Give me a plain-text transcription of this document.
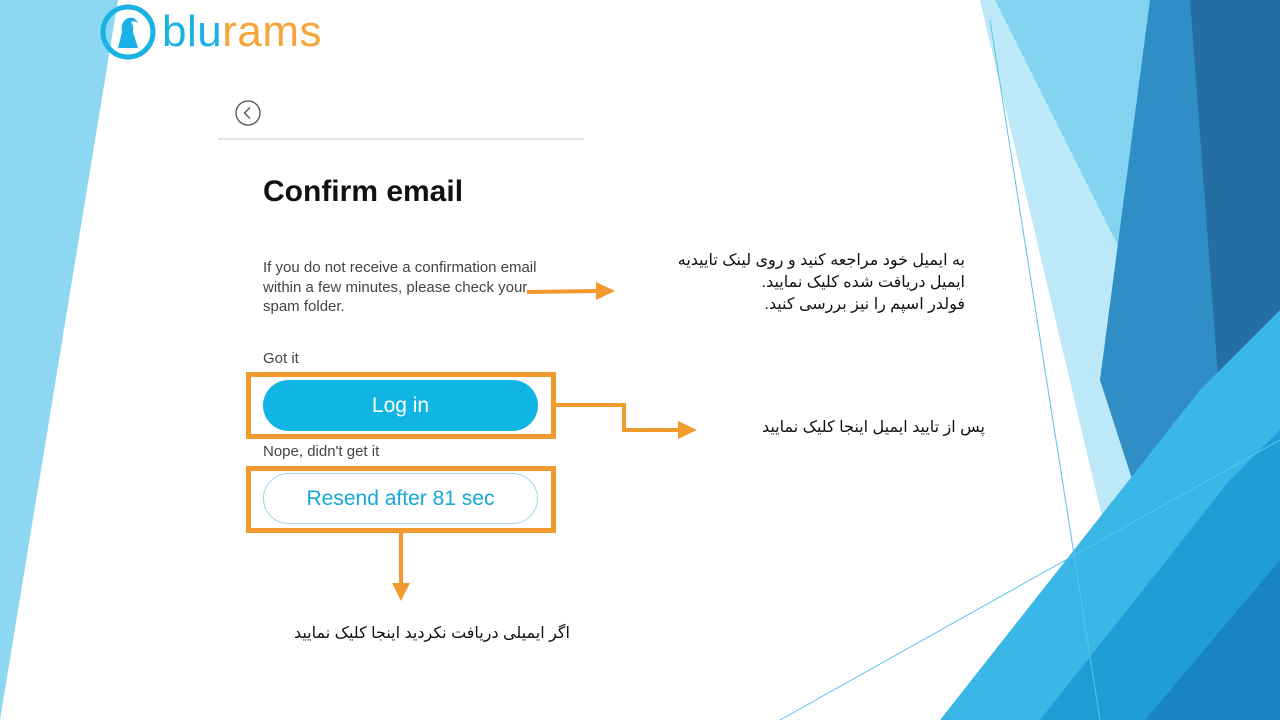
blurams
Confirm email
If you do not receive a confirmation email within a few minutes, please check your spam folder.
Got it
Log in
Nope, didn't get it
Resend after 81 sec
به ایمیل خود مراجعه کنید و روی لینک تاییدیه
ایمیل دریافت شده کلیک نمایید.
فولدر اسپم را نیز بررسی کنید.
پس از تایید ایمیل اینجا کلیک نمایید
اگر ایمیلی دریافت نکردید اینجا کلیک نمایید
